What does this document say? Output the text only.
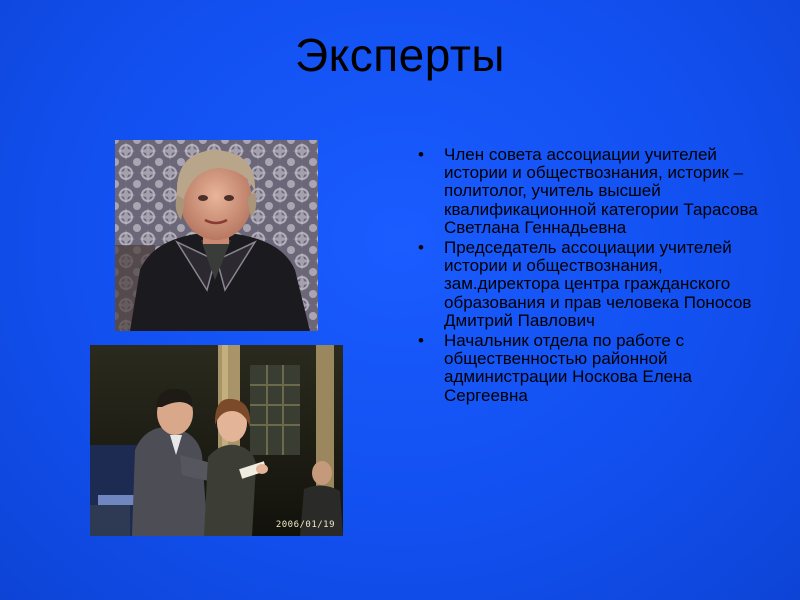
Эксперты
2006/01/19
•	Член совета ассоциации учителей истории и обществознания, историк – политолог, учитель высшей квалификационной категории Тарасова Светлана Геннадьевна
•	Председатель ассоциации учителей истории и обществознания, зам.директора центра гражданского образования и прав человека Поносов Дмитрий Павлович
•	Начальник отдела по работе с общественностью районной администрации Носкова Елена Сергеевна
